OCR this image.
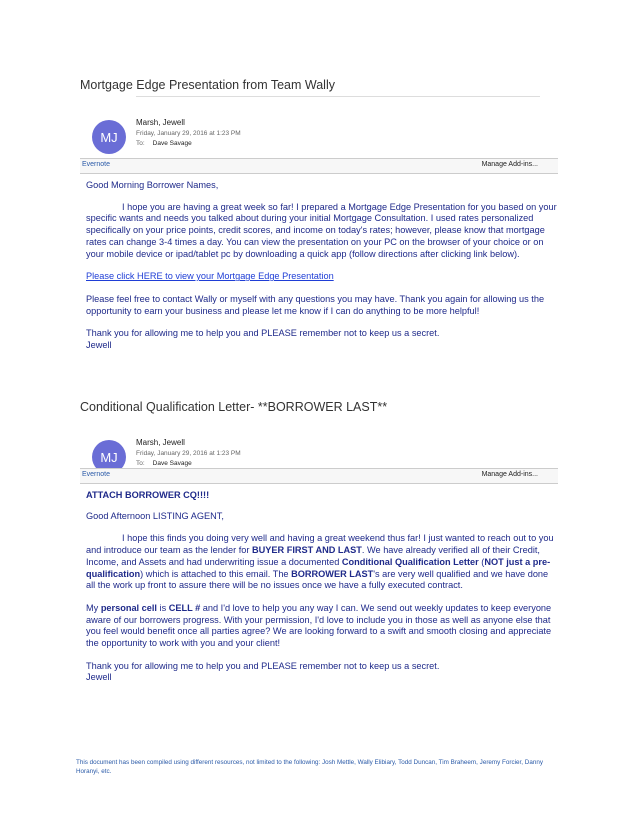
Mortgage Edge Presentation from Team Wally
MJ
Marsh, Jewell
Friday, January 29, 2016 at 1:23 PM
To: Dave Savage
Evernote	Manage Add-ins...

Good Morning Borrower Names,

I hope you are having a great week so far! I prepared a Mortgage Edge Presentation for you based on your specific wants and needs you talked about during your initial Mortgage Consultation. I used rates personalized specifically on your price points, credit scores, and income on today's rates; however, please know that mortgage rates can change 3-4 times a day. You can view the presentation on your PC on the browser of your choice or on your mobile device or ipad/tablet pc by downloading a quick app (follow directions after clicking link below).

Please click HERE to view your Mortgage Edge Presentation

Please feel free to contact Wally or myself with any questions you may have. Thank you again for allowing us the opportunity to earn your business and please let me know if I can do anything to be more helpful!

Thank you for allowing me to help you and PLEASE remember not to keep us a secret.

Jewell

Conditional Qualification Letter- **BORROWER LAST**
MJ
Marsh, Jewell
Friday, January 29, 2016 at 1:23 PM
To: Dave Savage
Evernote	Manage Add-ins...

ATTACH BORROWER CQ!!!!

Good Afternoon LISTING AGENT,

I hope this finds you doing very well and having a great weekend thus far! I just wanted to reach out to you and introduce our team as the lender for BUYER FIRST AND LAST. We have already verified all of their Credit, Income, and Assets and had underwriting issue a documented Conditional Qualification Letter (NOT just a pre-qualification) which is attached to this email. The BORROWER LAST's are very well qualified and we have done all the work up front to assure there will be no issues once we have a fully executed contract.

My personal cell is CELL # and I'd love to help you any way I can. We send out weekly updates to keep everyone aware of our borrowers progress. With your permission, I'd love to include you in those as well as anyone else that you feel would benefit once all parties agree? We are looking forward to a swift and smooth closing and appreciate the opportunity to work with you and your client!

Thank you for allowing me to help you and PLEASE remember not to keep us a secret.

Jewell

This document has been compiled using different resources, not limited to the following: Josh Mettle, Wally Elibiary, Todd Duncan, Tim Braheem, Jeremy Forcier, Danny Horanyi, etc.
